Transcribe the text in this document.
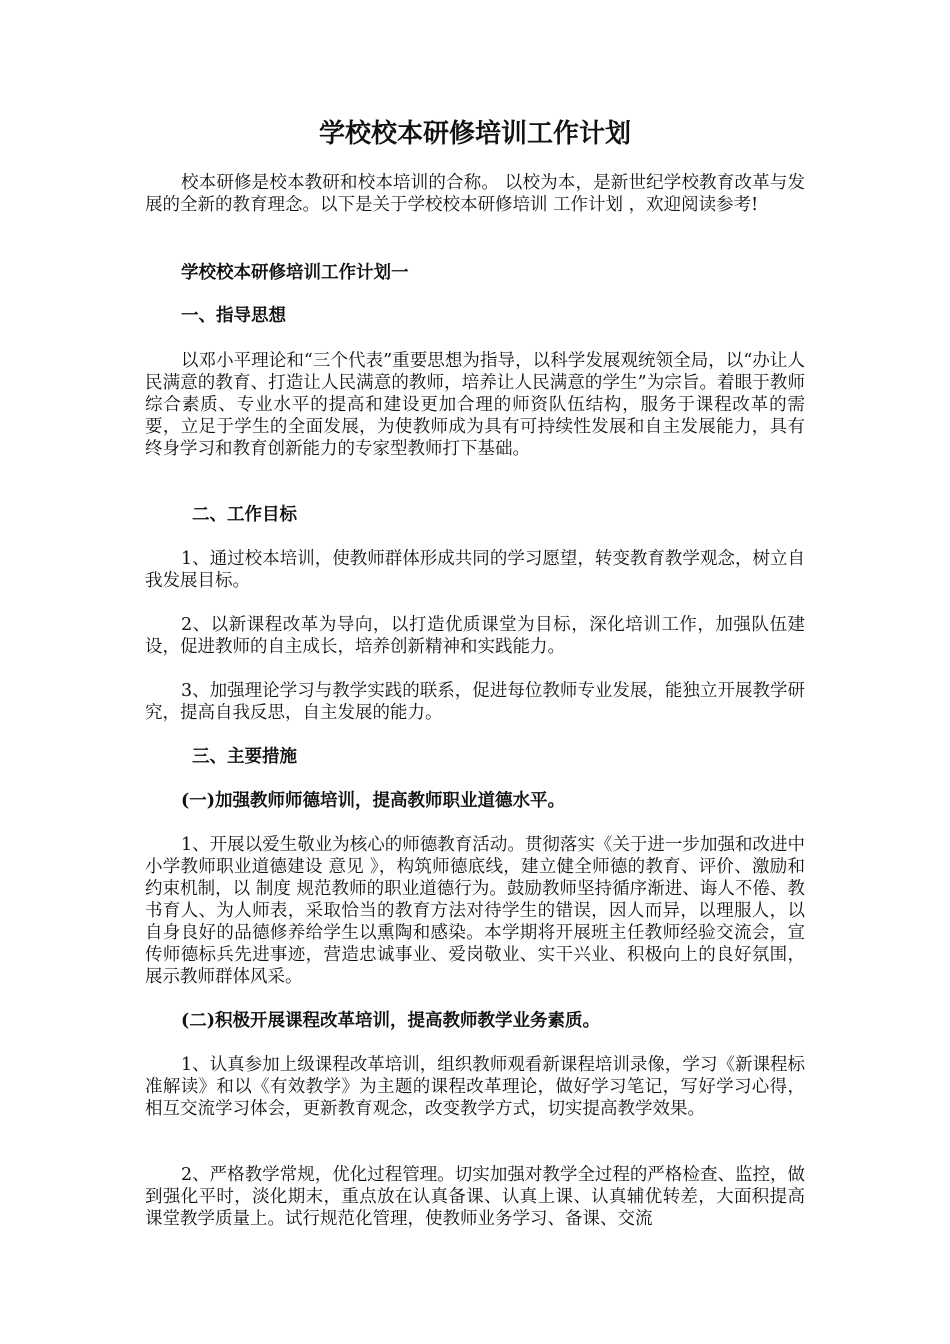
学校校本研修培训工作计划

校本研修是校本教研和校本培训的合称。 以校为本，是新世纪学校教育改革与发展的全新的教育理念。以下是关于学校校本研修培训 工作计划 ，欢迎阅读参考!

学校校本研修培训工作计划一

一、指导思想

以邓小平理论和“三个代表”重要思想为指导，以科学发展观统领全局，以“办让人民满意的教育、打造让人民满意的教师，培养让人民满意的学生”为宗旨。着眼于教师综合素质、专业水平的提高和建设更加合理的师资队伍结构，服务于课程改革的需要，立足于学生的全面发展，为使教师成为具有可持续性发展和自主发展能力，具有终身学习和教育创新能力的专家型教师打下基础。

二、工作目标

1、通过校本培训，使教师群体形成共同的学习愿望，转变教育教学观念，树立自我发展目标。

2、以新课程改革为导向，以打造优质课堂为目标，深化培训工作，加强队伍建设，促进教师的自主成长，培养创新精神和实践能力。

3、加强理论学习与教学实践的联系，促进每位教师专业发展，能独立开展教学研究，提高自我反思，自主发展的能力。

三、主要措施

(一)加强教师师德培训，提高教师职业道德水平。

1、开展以爱生敬业为核心的师德教育活动。贯彻落实《关于进一步加强和改进中小学教师职业道德建设 意见 》，构筑师德底线，建立健全师德的教育、评价、激励和约束机制，以 制度 规范教师的职业道德行为。鼓励教师坚持循序渐进、诲人不倦、教书育人、为人师表，采取恰当的教育方法对待学生的错误，因人而异，以理服人，以自身良好的品德修养给学生以熏陶和感染。本学期将开展班主任教师经验交流会，宣传师德标兵先进事迹，营造忠诚事业、爱岗敬业、实干兴业、积极向上的良好氛围，展示教师群体风采。

(二)积极开展课程改革培训，提高教师教学业务素质。

1、认真参加上级课程改革培训，组织教师观看新课程培训录像，学习《新课程标准解读》和以《有效教学》为主题的课程改革理论，做好学习笔记，写好学习心得，相互交流学习体会，更新教育观念，改变教学方式，切实提高教学效果。

2、严格教学常规，优化过程管理。切实加强对教学全过程的严格检查、监控，做到强化平时，淡化期末，重点放在认真备课、认真上课、认真辅优转差，大面积提高课堂教学质量上。试行规范化管理，使教师业务学习、备课、交流
